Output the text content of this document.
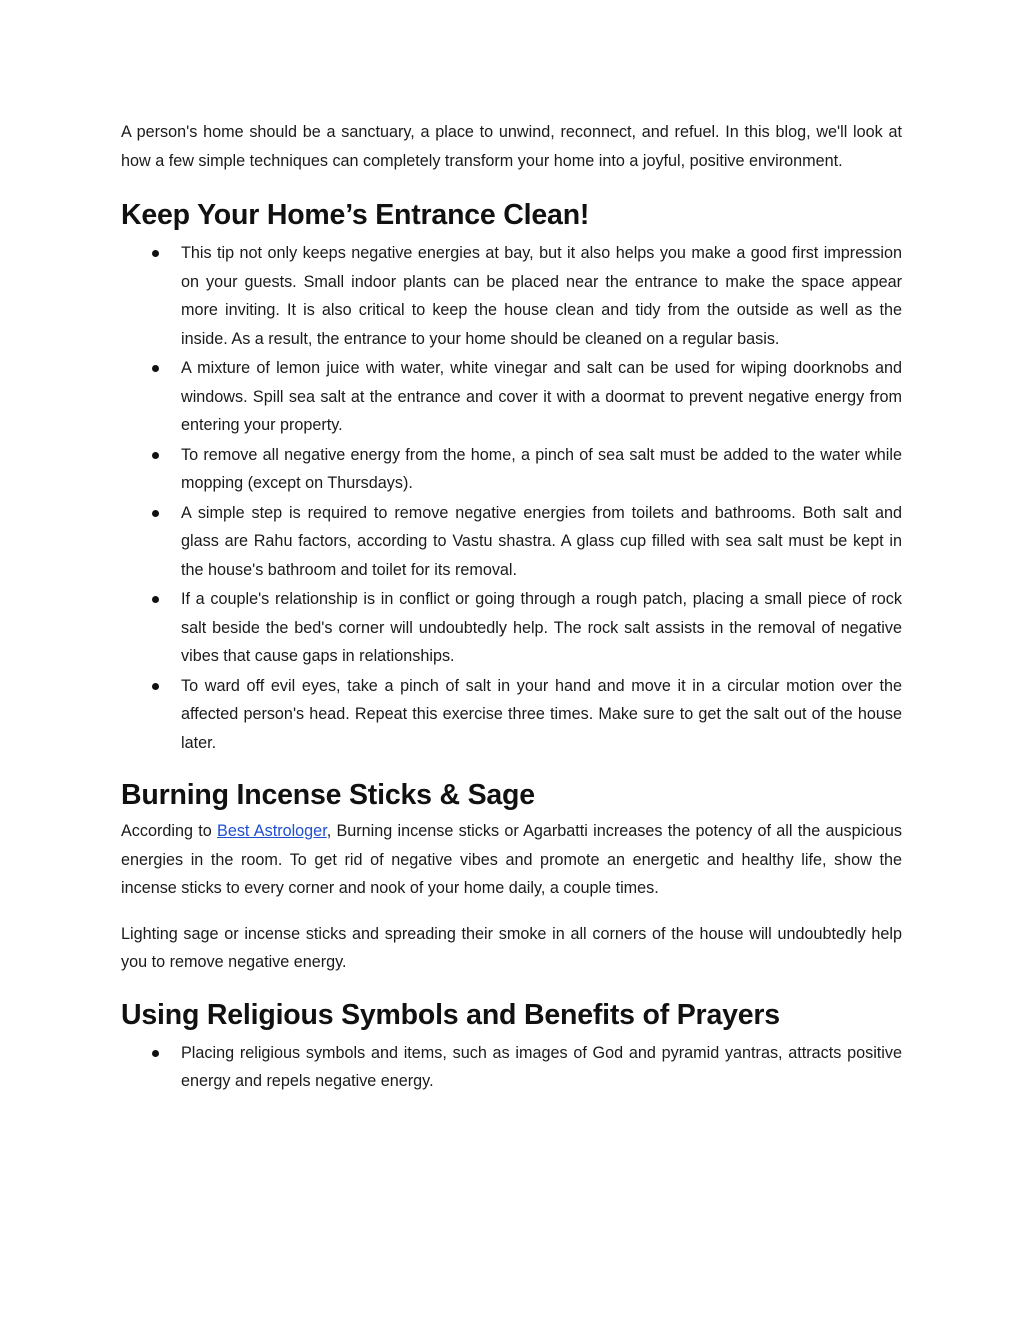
A person's home should be a sanctuary, a place to unwind, reconnect, and refuel. In this blog, we'll look at how a few simple techniques can completely transform your home into a joyful, positive environment.

Keep Your Home’s Entrance Clean!
This tip not only keeps negative energies at bay, but it also helps you make a good first impression on your guests. Small indoor plants can be placed near the entrance to make the space appear more inviting. It is also critical to keep the house clean and tidy from the outside as well as the inside. As a result, the entrance to your home should be cleaned on a regular basis.
A mixture of lemon juice with water, white vinegar and salt can be used for wiping doorknobs and windows. Spill sea salt at the entrance and cover it with a doormat to prevent negative energy from entering your property.
To remove all negative energy from the home, a pinch of sea salt must be added to the water while mopping (except on Thursdays).
A simple step is required to remove negative energies from toilets and bathrooms. Both salt and glass are Rahu factors, according to Vastu shastra. A glass cup filled with sea salt must be kept in the house's bathroom and toilet for its removal.
If a couple's relationship is in conflict or going through a rough patch, placing a small piece of rock salt beside the bed's corner will undoubtedly help. The rock salt assists in the removal of negative vibes that cause gaps in relationships.
To ward off evil eyes, take a pinch of salt in your hand and move it in a circular motion over the affected person's head. Repeat this exercise three times. Make sure to get the salt out of the house later.
Burning Incense Sticks & Sage

According to Best Astrologer, Burning incense sticks or Agarbatti increases the potency of all the auspicious energies in the room. To get rid of negative vibes and promote an energetic and healthy life, show the incense sticks to every corner and nook of your home daily, a couple times.

Lighting sage or incense sticks and spreading their smoke in all corners of the house will undoubtedly help you to remove negative energy.

Using Religious Symbols and Benefits of Prayers
Placing religious symbols and items, such as images of God and pyramid yantras, attracts positive energy and repels negative energy.
